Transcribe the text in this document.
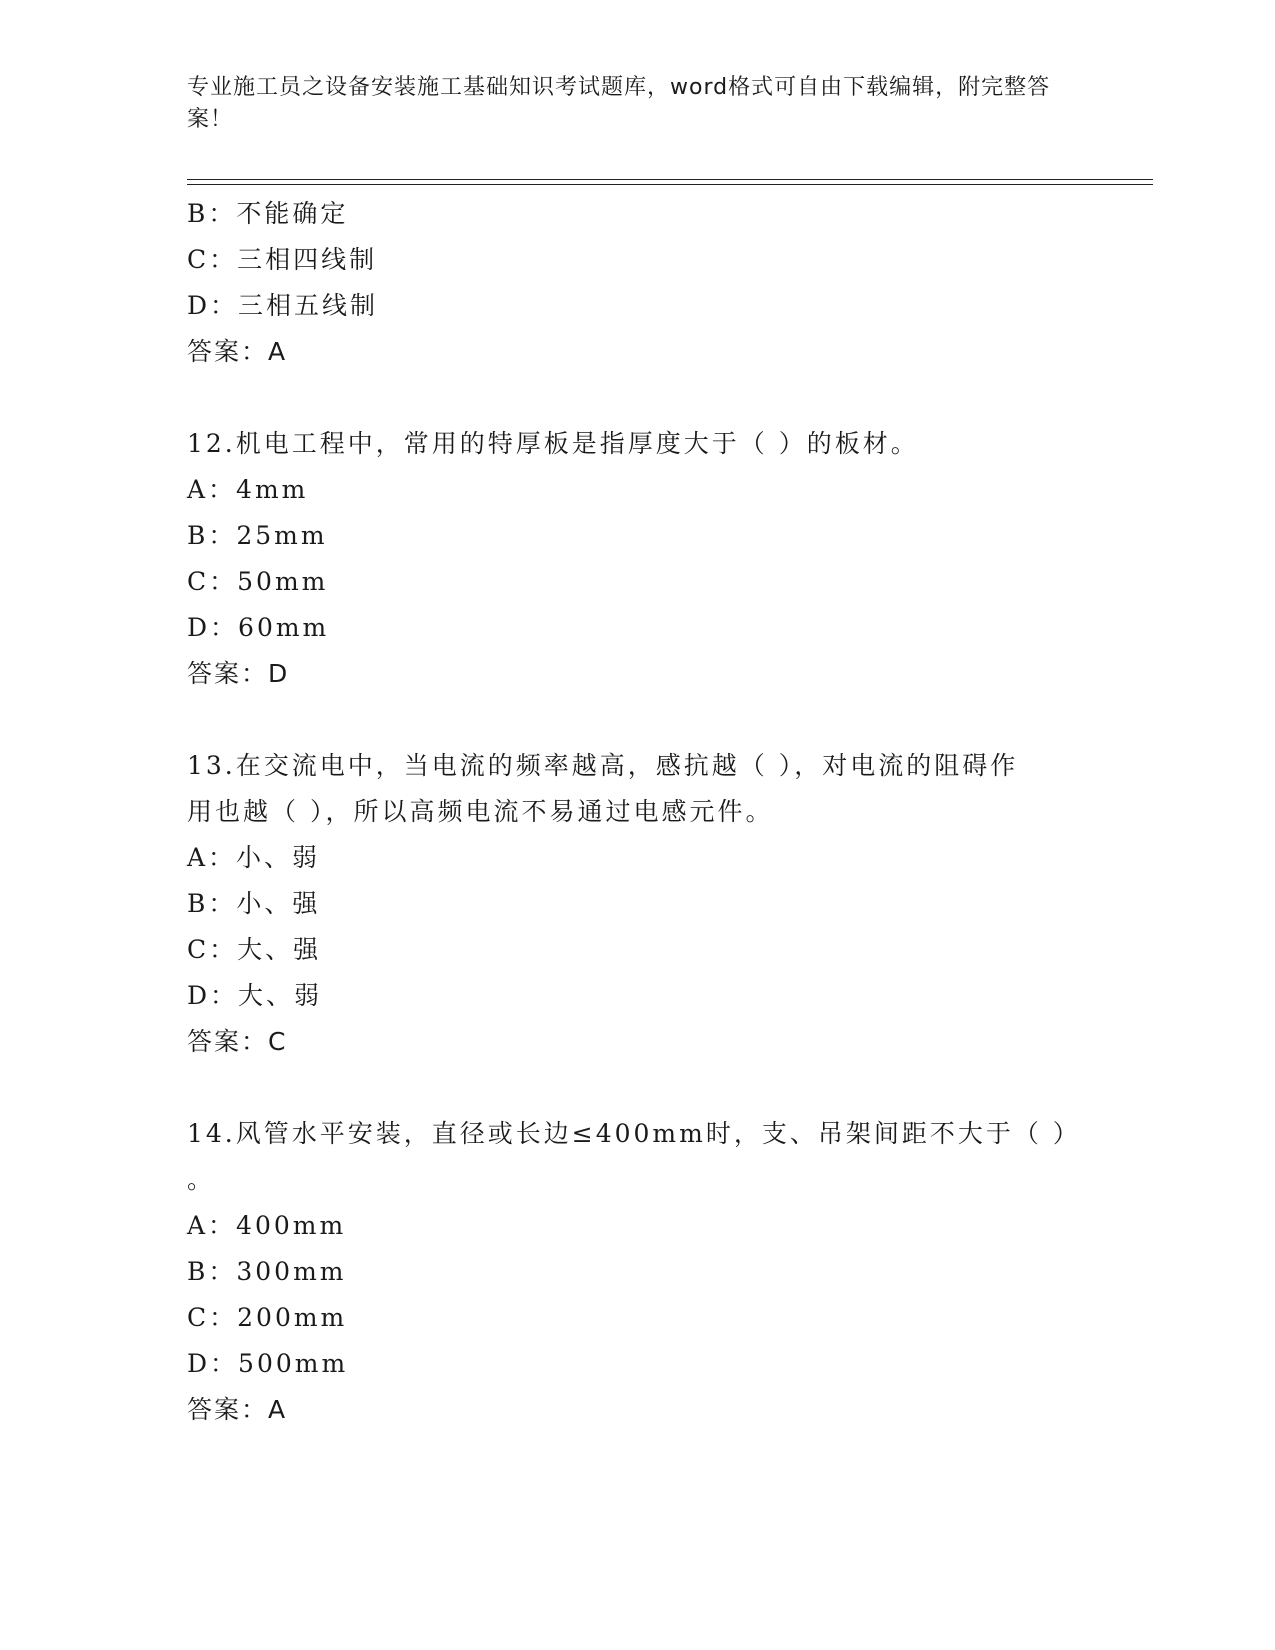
专业施工员之设备安装施工基础知识考试题库，word格式可自由下载编辑，附完整答案！
B：不能确定
C：三相四线制
D：三相五线制
答案：A
12.机电工程中，常用的特厚板是指厚度大于（ ）的板材。
A：4mm
B：25mm
C：50mm
D：60mm
答案：D
13.在交流电中，当电流的频率越高，感抗越（ ），对电流的阻碍作
用也越（ ），所以高频电流不易通过电感元件。
A：小、弱
B：小、强
C：大、强
D：大、弱
答案：C
14.风管水平安装，直径或长边≤400mm时，支、吊架间距不大于（ ）
。
A：400mm
B：300mm
C：200mm
D：500mm
答案：A
